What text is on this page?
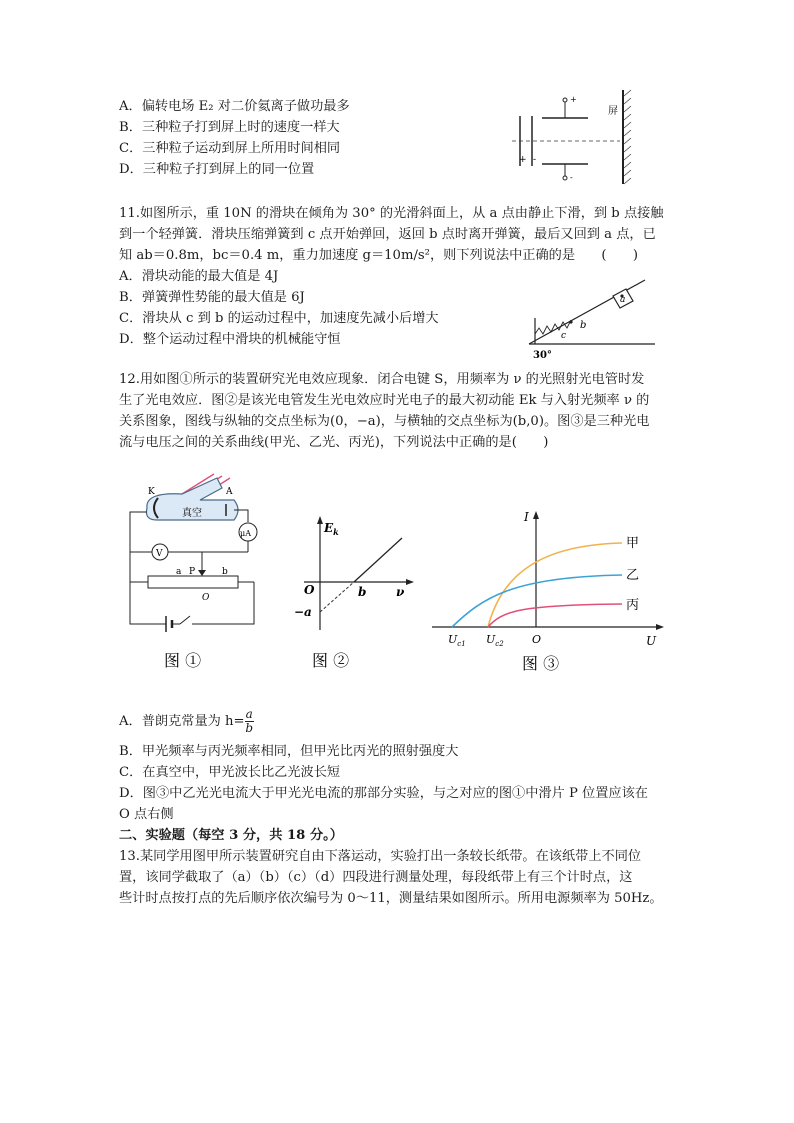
A．偏转电场 E₂ 对二价氦离子做功最多
B．三种粒子打到屏上时的速度一样大
C．三种粒子运动到屏上所用时间相同
D．三种粒子打到屏上的同一位置
屏
+ -
+
-
11.如图所示，重 10N 的滑块在倾角为 30° 的光滑斜面上，从 a 点由静止下滑，到 b 点接触
到一个轻弹簧．滑块压缩弹簧到 c 点开始弹回，返回 b 点时离开弹簧，最后又回到 a 点，已
知 ab＝0.8m，bc＝0.4 m，重力加速度 g＝10m/s²，则下列说法中正确的是　　(　　)
A．滑块动能的最大值是 4J
B．弹簧弹性势能的最大值是 6J
C．滑块从 c 到 b 的运动过程中，加速度先减小后增大
D．整个运动过程中滑块的机械能守恒
a
b
c
30°
12.用如图①所示的装置研究光电效应现象．闭合电键 S，用频率为 ν 的光照射光电管时发
生了光电效应．图②是该光电管发生光电效应时光电子的最大初动能 Ek 与入射光频率 ν 的
关系图象，图线与纵轴的交点坐标为(0，−a)，与横轴的交点坐标为(b,0)。图③是三种光电
流与电压之间的关系曲线(甲光、乙光、丙光)，下列说法中正确的是(　　)
K	A
真空
μA
V
a P	b
O
图 ①
$E_k$
O	ν
b
−a
图 ②
I
U
O
$U_{c1}$ $U_{c2}$
甲
乙
丙
图 ③
A．普朗克常量为 $h= \frac{a}{b}$
B．甲光频率与丙光频率相同，但甲光比丙光的照射强度大
C．在真空中，甲光波长比乙光波长短
D．图③中乙光光电流大于甲光光电流的那部分实验，与之对应的图①中滑片 P 位置应该在
O 点右侧
二、实验题（每空 3 分，共 18 分。）
13.某同学用图甲所示装置研究自由下落运动，实验打出一条较长纸带。在该纸带上不同位
置，该同学截取了（a）（b）（c）（d）四段进行测量处理，每段纸带上有三个计时点，这
些计时点按打点的先后顺序依次编号为 0～11，测量结果如图所示。所用电源频率为 50Hz。
